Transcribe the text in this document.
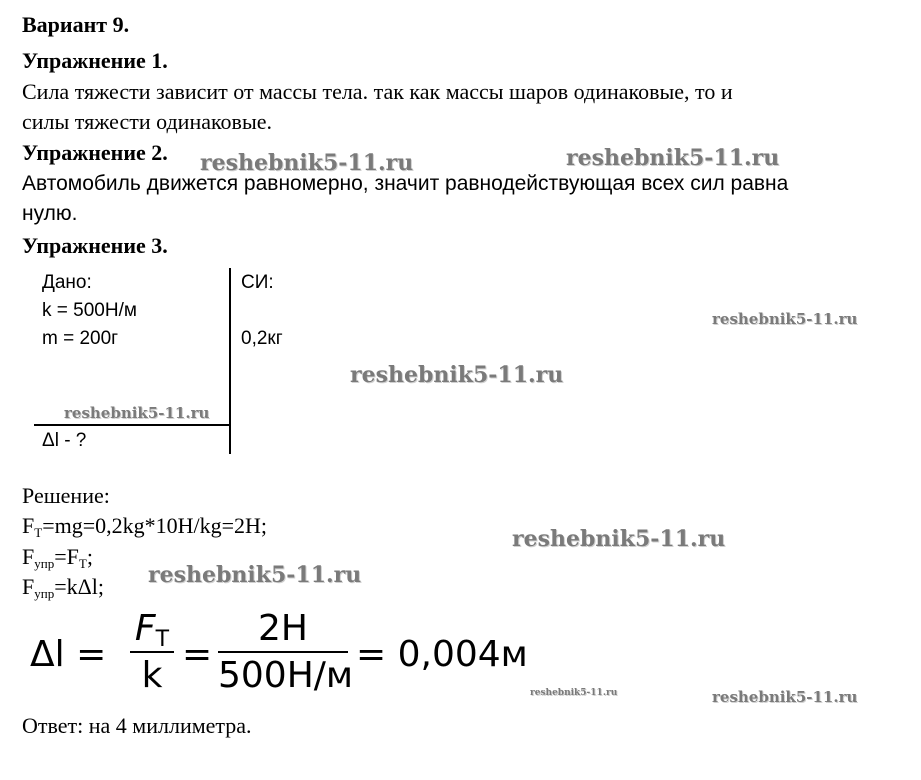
Вариант 9.
Упражнение 1.
Сила тяжести зависит от массы тела. так как массы шаров одинаковые, то и
силы тяжести одинаковые.
Упражнение 2.
Автомобиль движется равномерно, значит равнодействующая всех сил равна
нулю.
Упражнение 3.
Дано:
k = 500Н/м
m = 200г
СИ:
0,2кг
Δl - ?
Решение:
$F_Т=mg=0,2kg*10H/kg=2H$;
$F_{упр}=F_Т$;
$F_{упр}=k\Delta l$;
Δl =
$F_Т$
k
=
2Н
500Н/м
= 0,004м
Ответ: на 4 миллиметра.
reshebnik5-11.ru	reshebnik5-11.ru
reshebnik5-11.ru
reshebnik5-11.ru
reshebnik5-11.ru
reshebnik5-11.ru
reshebnik5-11.ru
reshebnik5-11.ru	reshebnik5-11.ru
